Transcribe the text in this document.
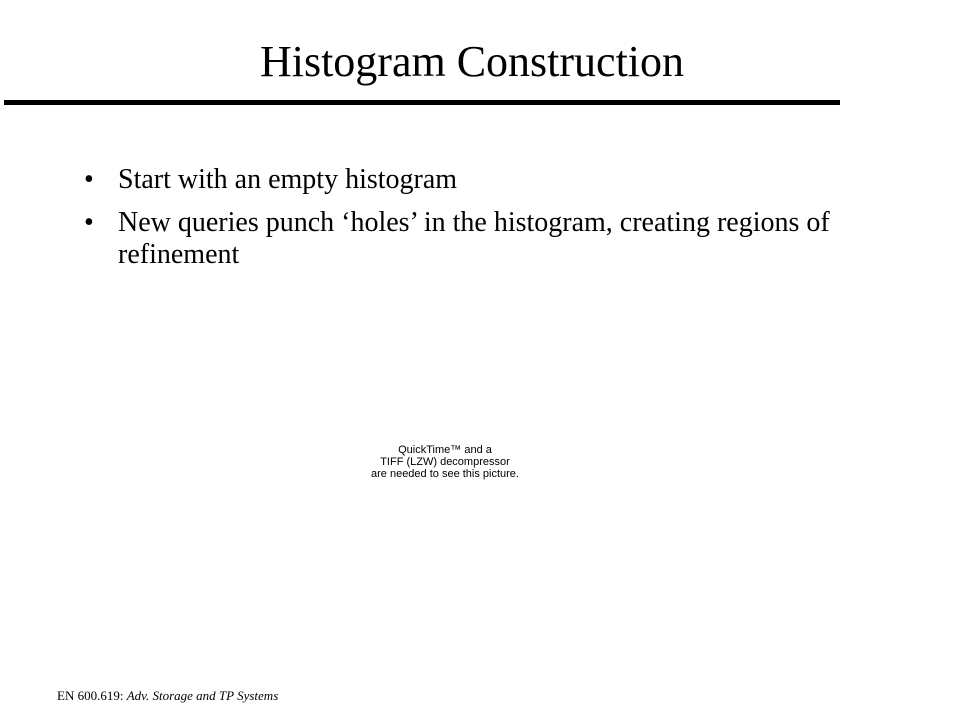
Histogram Construction
• Start with an empty histogram
• New queries punch ‘holes’ in the histogram, creating regions of refinement
QuickTime™ and a
TIFF (LZW) decompressor
are needed to see this picture.
EN 600.619: Adv. Storage and TP Systems
